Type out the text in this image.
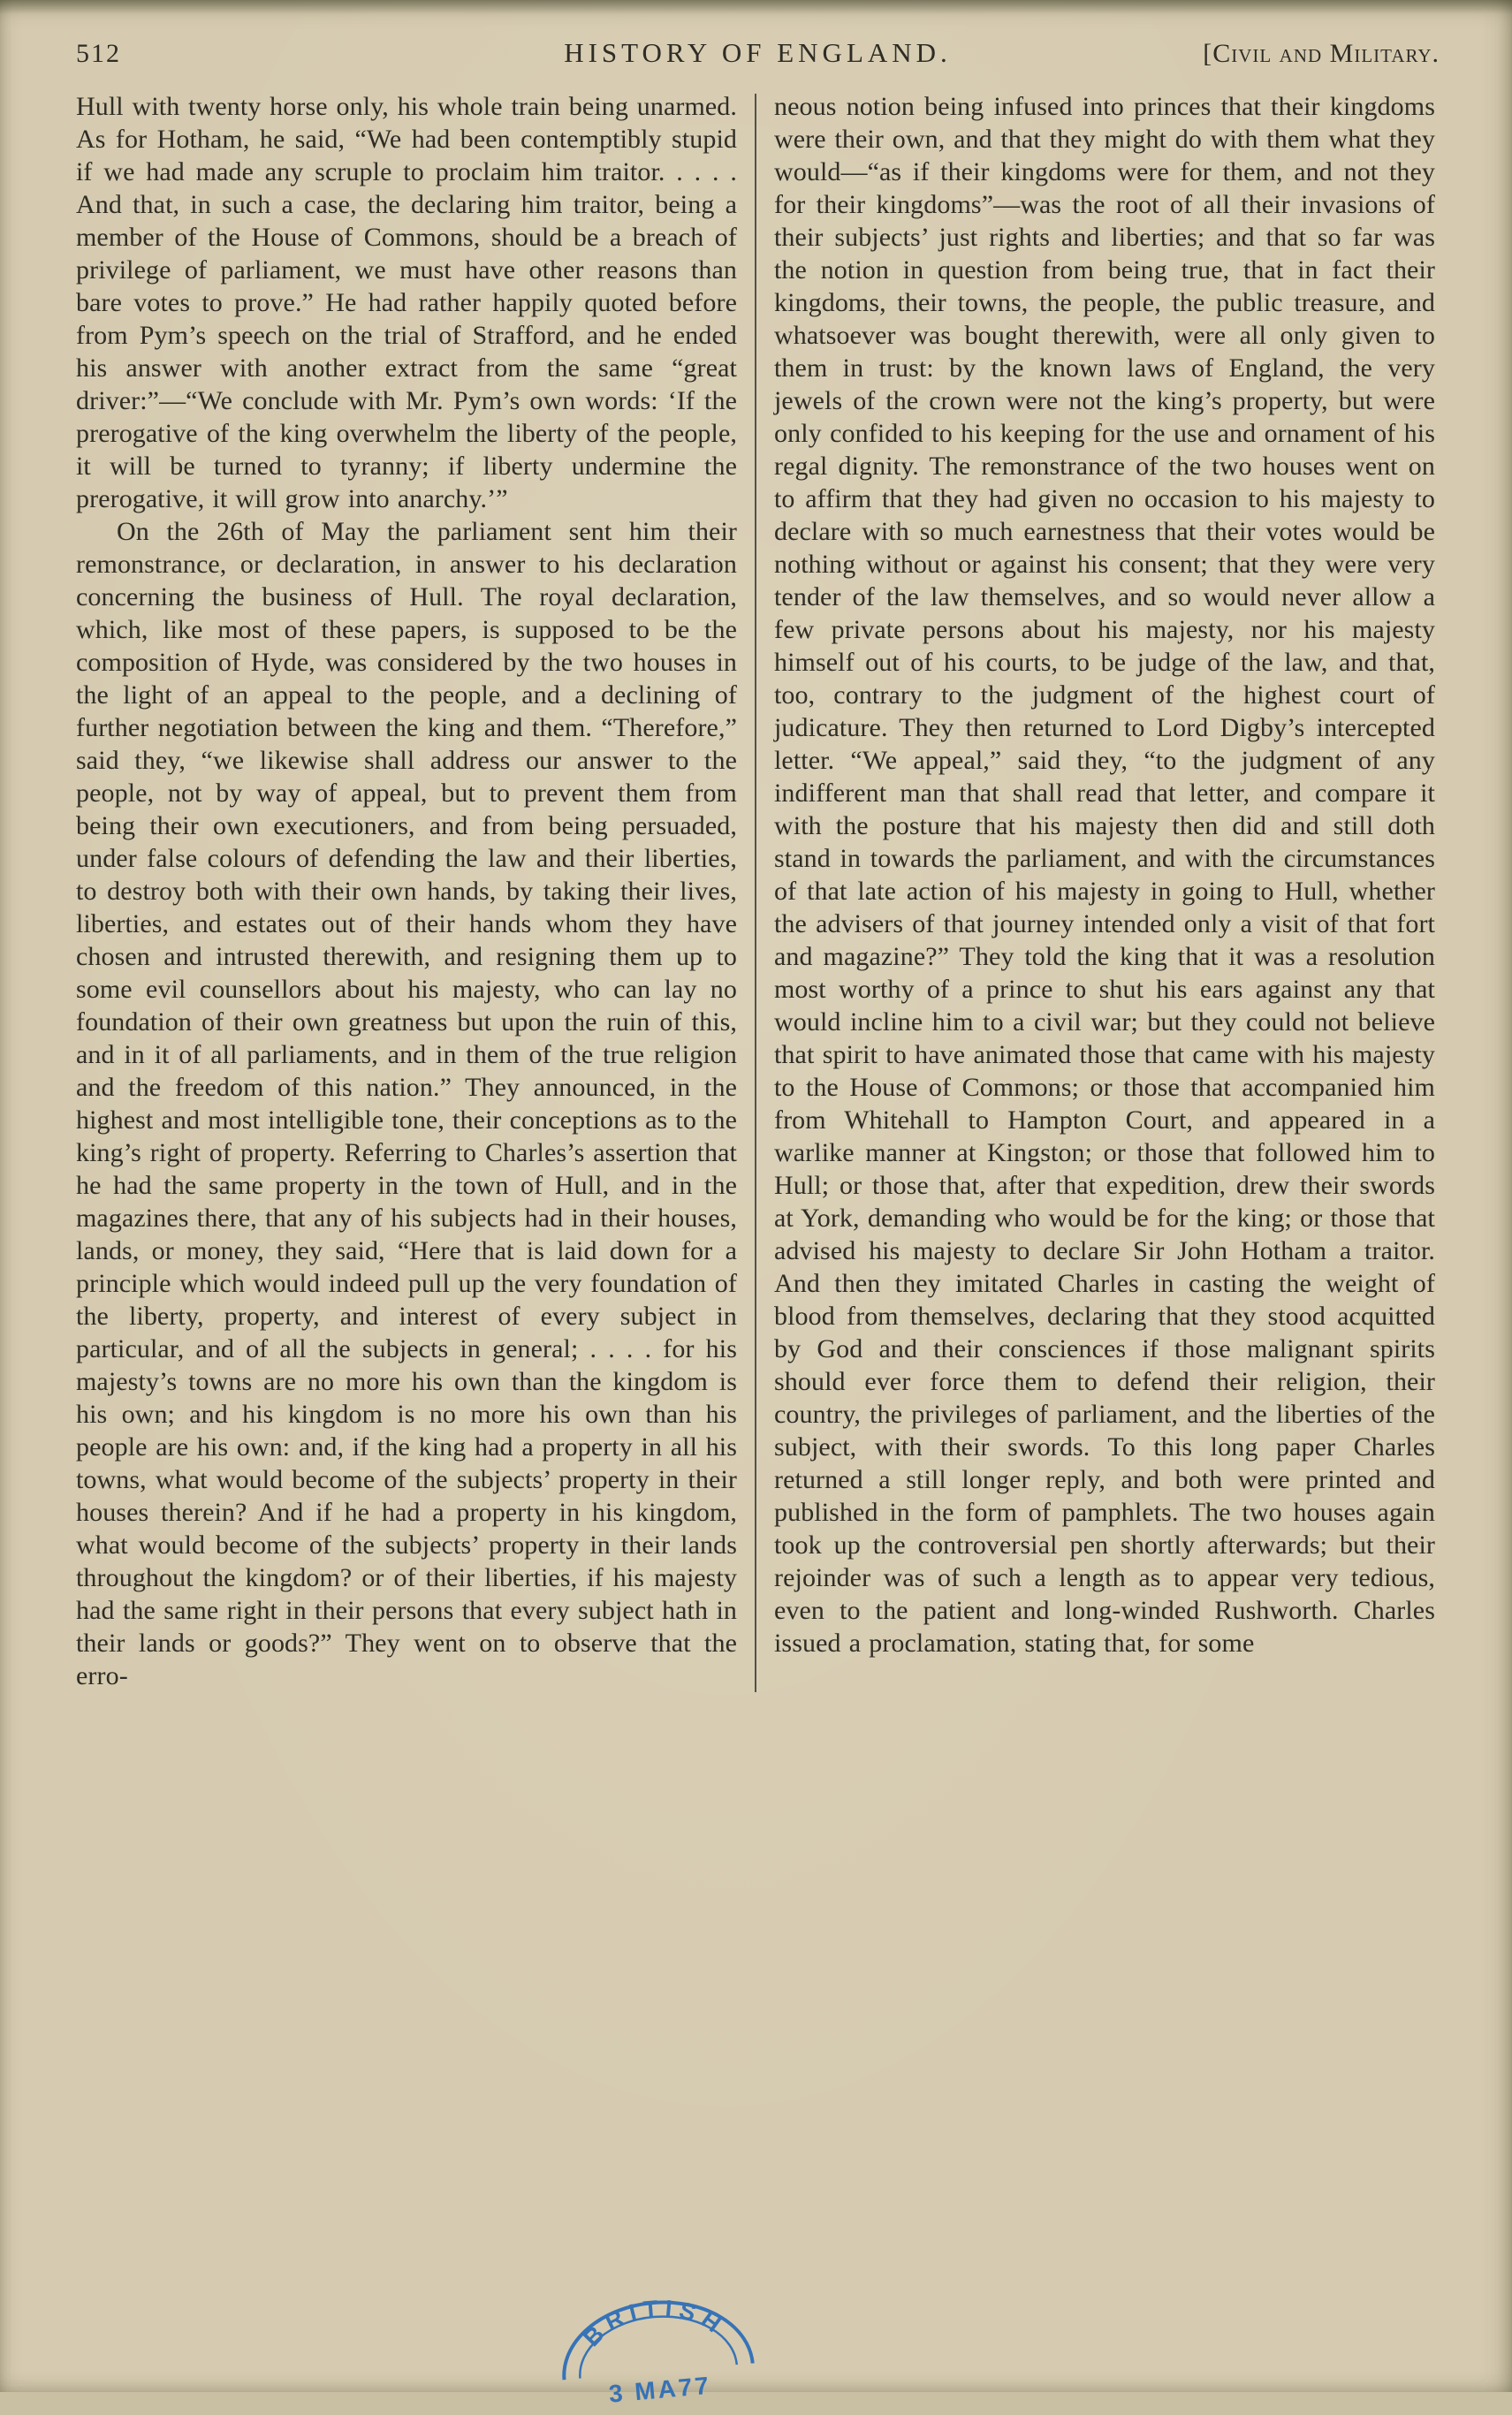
512	HISTORY OF ENGLAND.	[Civil and Military.

Hull with twenty horse only, his whole train being unarmed. As for Hotham, he said, “We had been contemptibly stupid if we had made any scruple to proclaim him traitor. . . . . And that, in such a case, the declaring him traitor, being a member of the House of Commons, should be a breach of privilege of parliament, we must have other reasons than bare votes to prove.” He had rather happily quoted before from Pym’s speech on the trial of Strafford, and he ended his answer with another extract from the same “great driver:”—“We conclude with Mr. Pym’s own words: ‘If the prerogative of the king overwhelm the liberty of the people, it will be turned to tyranny; if liberty undermine the prerogative, it will grow into anarchy.’”

On the 26th of May the parliament sent him their remonstrance, or declaration, in answer to his declaration concerning the business of Hull. The royal declaration, which, like most of these papers, is supposed to be the composition of Hyde, was considered by the two houses in the light of an appeal to the people, and a declining of further negotiation between the king and them. “Therefore,” said they, “we likewise shall address our answer to the people, not by way of appeal, but to prevent them from being their own executioners, and from being persuaded, under false colours of defending the law and their liberties, to destroy both with their own hands, by taking their lives, liberties, and estates out of their hands whom they have chosen and intrusted therewith, and resigning them up to some evil counsellors about his majesty, who can lay no foundation of their own greatness but upon the ruin of this, and in it of all parliaments, and in them of the true religion and the freedom of this nation.” They announced, in the highest and most intelligible tone, their conceptions as to the king’s right of property. Referring to Charles’s assertion that he had the same property in the town of Hull, and in the magazines there, that any of his subjects had in their houses, lands, or money, they said, “Here that is laid down for a principle which would indeed pull up the very foundation of the liberty, property, and interest of every subject in particular, and of all the subjects in general; . . . . for his majesty’s towns are no more his own than the kingdom is his own; and his kingdom is no more his own than his people are his own: and, if the king had a property in all his towns, what would become of the subjects’ property in their houses therein? And if he had a property in his kingdom, what would become of the subjects’ property in their lands throughout the kingdom? or of their liberties, if his majesty had the same right in their persons that every subject hath in their lands or goods?” They went on to observe that the erro-

neous notion being infused into princes that their kingdoms were their own, and that they might do with them what they would—“as if their kingdoms were for them, and not they for their kingdoms”—was the root of all their invasions of their subjects’ just rights and liberties; and that so far was the notion in question from being true, that in fact their kingdoms, their towns, the people, the public treasure, and whatsoever was bought therewith, were all only given to them in trust: by the known laws of England, the very jewels of the crown were not the king’s property, but were only confided to his keeping for the use and ornament of his regal dignity. The remonstrance of the two houses went on to affirm that they had given no occasion to his majesty to declare with so much earnestness that their votes would be nothing without or against his consent; that they were very tender of the law themselves, and so would never allow a few private persons about his majesty, nor his majesty himself out of his courts, to be judge of the law, and that, too, contrary to the judgment of the highest court of judicature. They then returned to Lord Digby’s intercepted letter. “We appeal,” said they, “to the judgment of any indifferent man that shall read that letter, and compare it with the posture that his majesty then did and still doth stand in towards the parliament, and with the circumstances of that late action of his majesty in going to Hull, whether the advisers of that journey intended only a visit of that fort and magazine?” They told the king that it was a resolution most worthy of a prince to shut his ears against any that would incline him to a civil war; but they could not believe that spirit to have animated those that came with his majesty to the House of Commons; or those that accompanied him from Whitehall to Hampton Court, and appeared in a warlike manner at Kingston; or those that followed him to Hull; or those that, after that expedition, drew their swords at York, demanding who would be for the king; or those that advised his majesty to declare Sir John Hotham a traitor. And then they imitated Charles in casting the weight of blood from themselves, declaring that they stood acquitted by God and their consciences if those malignant spirits should ever force them to defend their religion, their country, the privileges of parliament, and the liberties of the subject, with their swords. To this long paper Charles returned a still longer reply, and both were printed and published in the form of pamphlets. The two houses again took up the controversial pen shortly afterwards; but their rejoinder was of such a length as to appear very tedious, even to the patient and long-winded Rushworth. Charles issued a proclamation, stating that, for some

BRITISH
3 MA77
